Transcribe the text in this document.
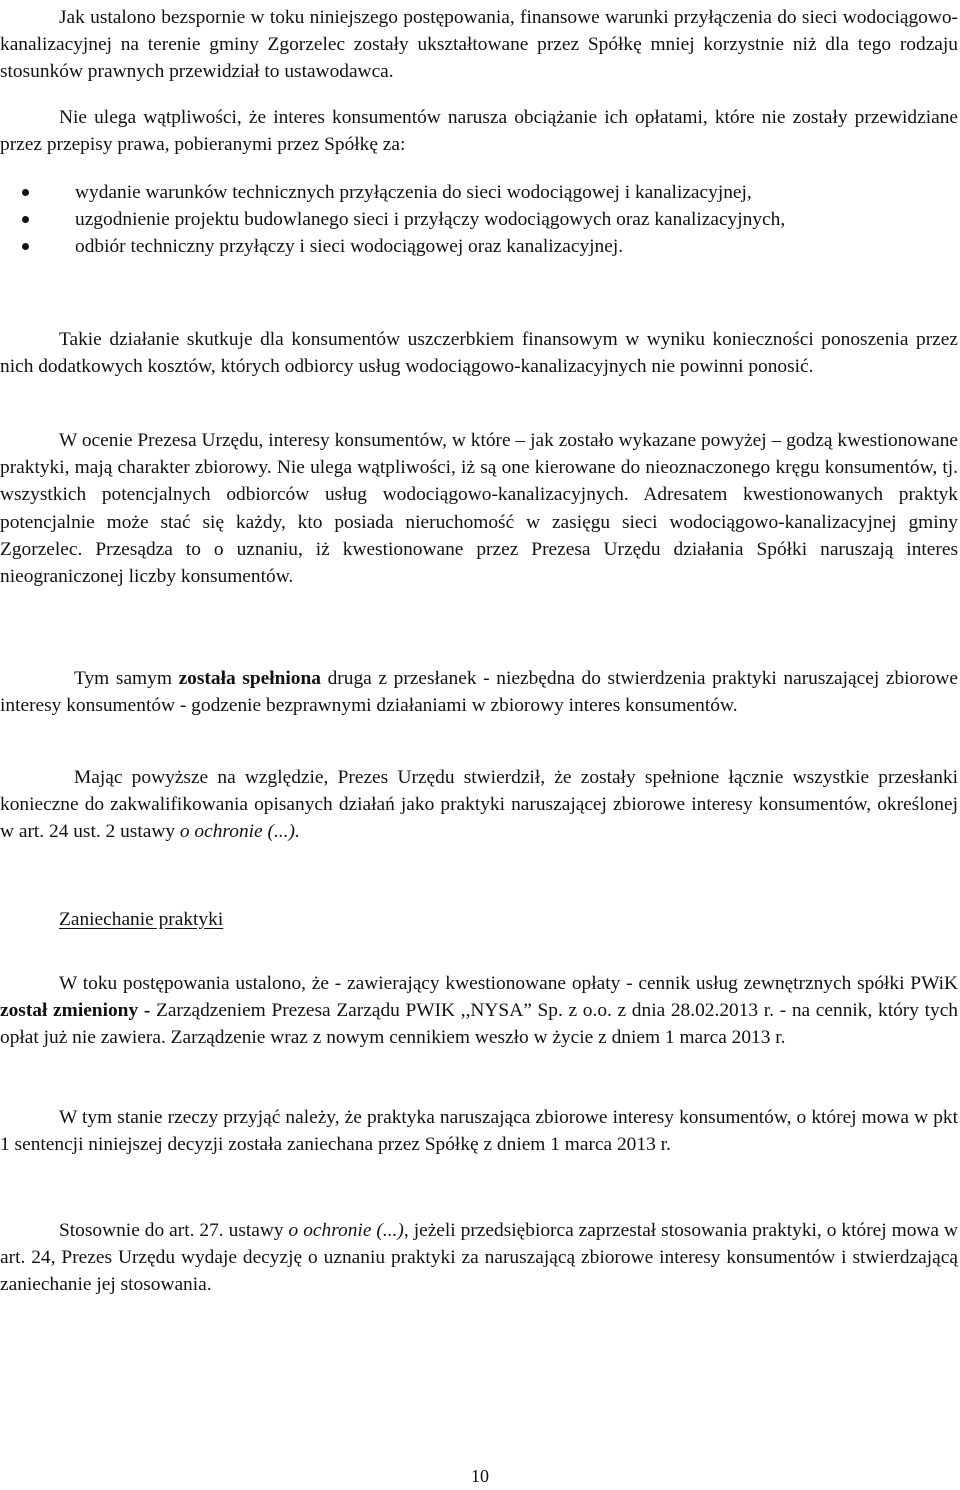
Jak ustalono bezspornie w toku niniejszego postępowania, finansowe warunki przyłączenia do sieci wodociągowo-kanalizacyjnej na terenie gminy Zgorzelec zostały ukształtowane przez Spółkę mniej korzystnie niż dla tego rodzaju stosunków prawnych przewidział to ustawodawca.

Nie ulega wątpliwości, że interes konsumentów narusza obciążanie ich opłatami, które nie zostały przewidziane przez przepisy prawa, pobieranymi przez Spółkę za:

wydanie warunków technicznych przyłączenia do sieci wodociągowej i kanalizacyjnej,
uzgodnienie projektu budowlanego sieci i przyłączy wodociągowych oraz kanalizacyjnych,
odbiór techniczny przyłączy i sieci wodociągowej oraz kanalizacyjnej.

Takie działanie skutkuje dla konsumentów uszczerbkiem finansowym w wyniku konieczności ponoszenia przez nich dodatkowych kosztów, których odbiorcy usług wodociągowo-kanalizacyjnych nie powinni ponosić.

W ocenie Prezesa Urzędu, interesy konsumentów, w które – jak zostało wykazane powyżej – godzą kwestionowane praktyki, mają charakter zbiorowy. Nie ulega wątpliwości, iż są one kierowane do nieoznaczonego kręgu konsumentów, tj. wszystkich potencjalnych odbiorców usług wodociągowo-kanalizacyjnych. Adresatem kwestionowanych praktyk potencjalnie może stać się każdy, kto posiada nieruchomość w zasięgu sieci wodociągowo-kanalizacyjnej gminy Zgorzelec. Przesądza to o uznaniu, iż kwestionowane przez Prezesa Urzędu działania Spółki naruszają interes nieograniczonej liczby konsumentów.

Tym samym została spełniona druga z przesłanek - niezbędna do stwierdzenia praktyki naruszającej zbiorowe interesy konsumentów - godzenie bezprawnymi działaniami w zbiorowy interes konsumentów.

Mając powyższe na względzie, Prezes Urzędu stwierdził, że zostały spełnione łącznie wszystkie przesłanki konieczne do zakwalifikowania opisanych działań jako praktyki naruszającej zbiorowe interesy konsumentów, określonej w art. 24 ust. 2 ustawy o ochronie (...).

Zaniechanie praktyki

W toku postępowania ustalono, że - zawierający kwestionowane opłaty - cennik usług zewnętrznych spółki PWiK został zmieniony - Zarządzeniem Prezesa Zarządu PWIK ,,NYSA” Sp. z o.o. z dnia 28.02.2013 r. - na cennik, który tych opłat już nie zawiera. Zarządzenie wraz z nowym cennikiem weszło w życie z dniem 1 marca 2013 r.

W tym stanie rzeczy przyjąć należy, że praktyka naruszająca zbiorowe interesy konsumentów, o której mowa w pkt 1 sentencji niniejszej decyzji została zaniechana przez Spółkę z dniem 1 marca 2013 r.

Stosownie do art. 27. ustawy o ochronie (...), jeżeli przedsiębiorca zaprzestał stosowania praktyki, o której mowa w art. 24, Prezes Urzędu wydaje decyzję o uznaniu praktyki za naruszającą zbiorowe interesy konsumentów i stwierdzającą zaniechanie jej stosowania.

10
